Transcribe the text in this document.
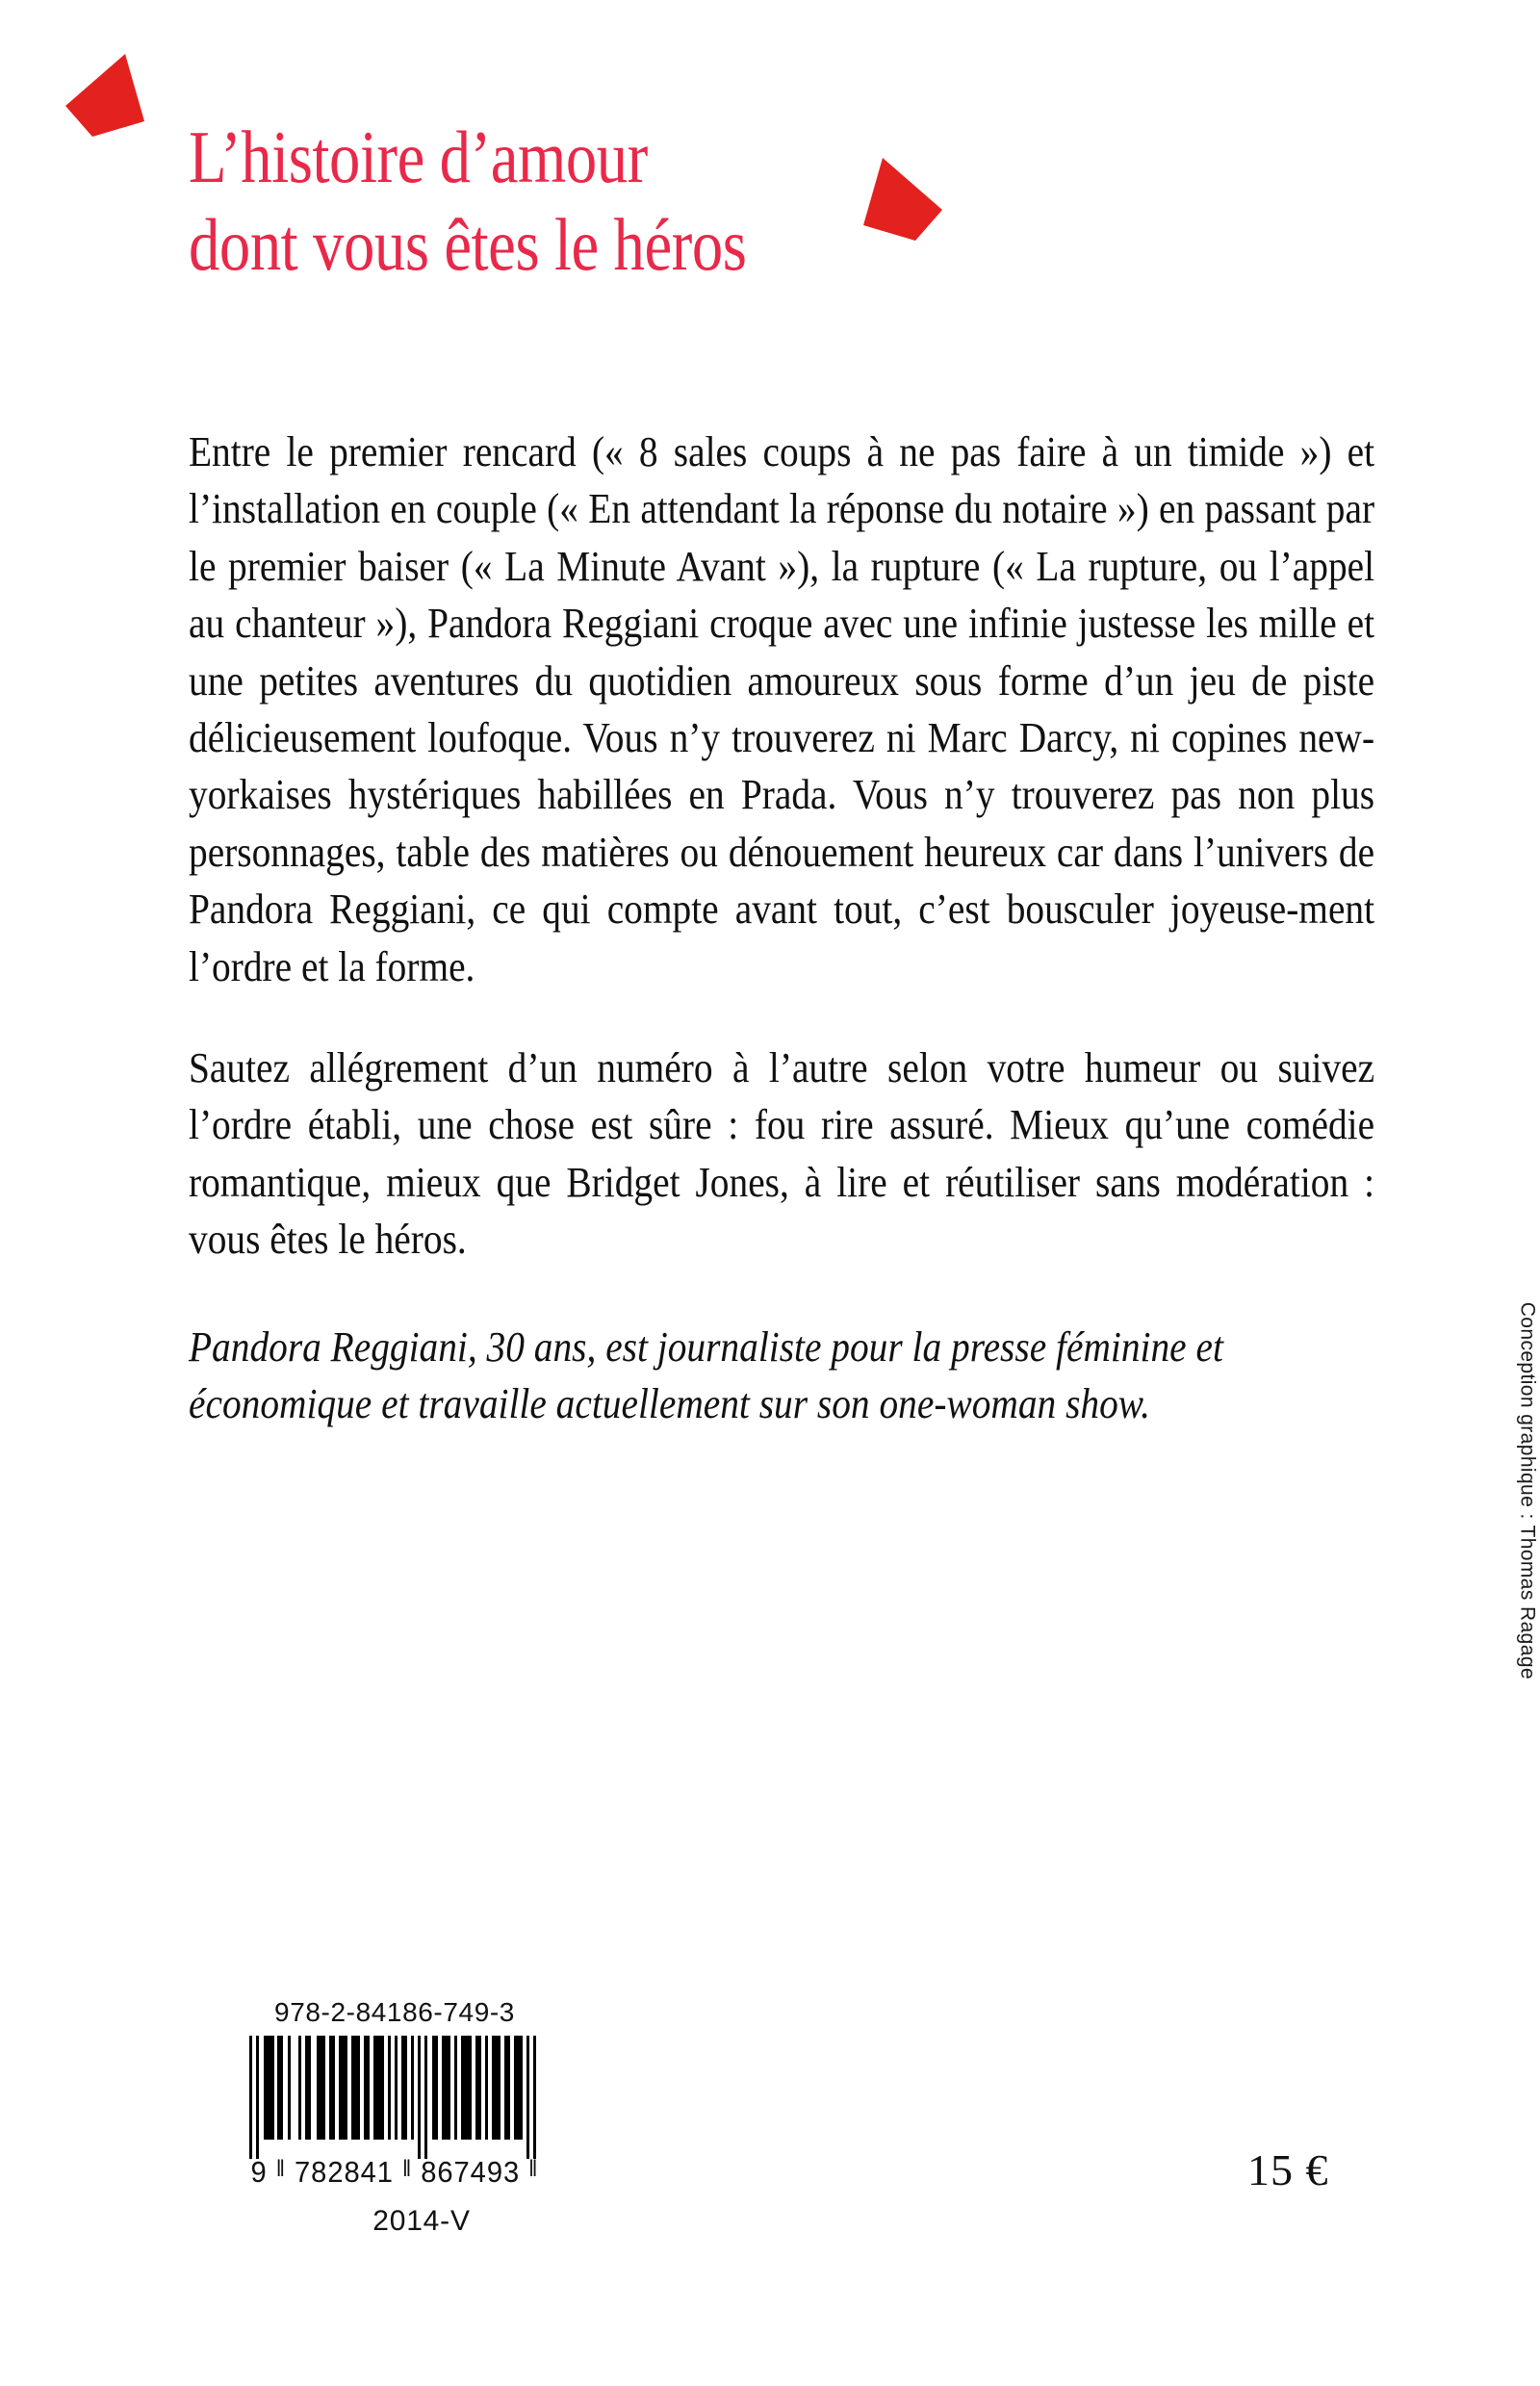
L’histoire d’amour
dont vous êtes le héros

Entre le premier rencard (« 8 sales coups à ne pas faire à un timide ») et l’installation en couple (« En attendant la réponse du notaire ») en passant par le premier baiser (« La Minute Avant »), la rupture (« La rupture, ou l’appel au chanteur »), Pandora Reggiani croque avec une infinie justesse les mille et une petites aventures du quotidien amoureux sous forme d’un jeu de piste délicieusement loufoque. Vous n’y trouverez ni Marc Darcy, ni copines new-yorkaises hystériques habillées en Prada. Vous n’y trouverez pas non plus personnages, table des matières ou dénouement heureux car dans l’univers de Pandora Reggiani, ce qui compte avant tout, c’est bousculer joyeuse-ment l’ordre et la forme.

Sautez allégrement d’un numéro à l’autre selon votre humeur ou suivez l’ordre établi, une chose est sûre : fou rire assuré. Mieux qu’une comédie romantique, mieux que Bridget Jones, à lire et réutiliser sans modération : vous êtes le héros.

Pandora Reggiani, 30 ans, est journaliste pour la presse féminine et économique et travaille actuellement sur son one-woman show.	Conception graphique : Thomas Ragage
978-2-84186-749-3
9 ‖ 782841 ‖ 867493 ‖
2014-V
15 €
